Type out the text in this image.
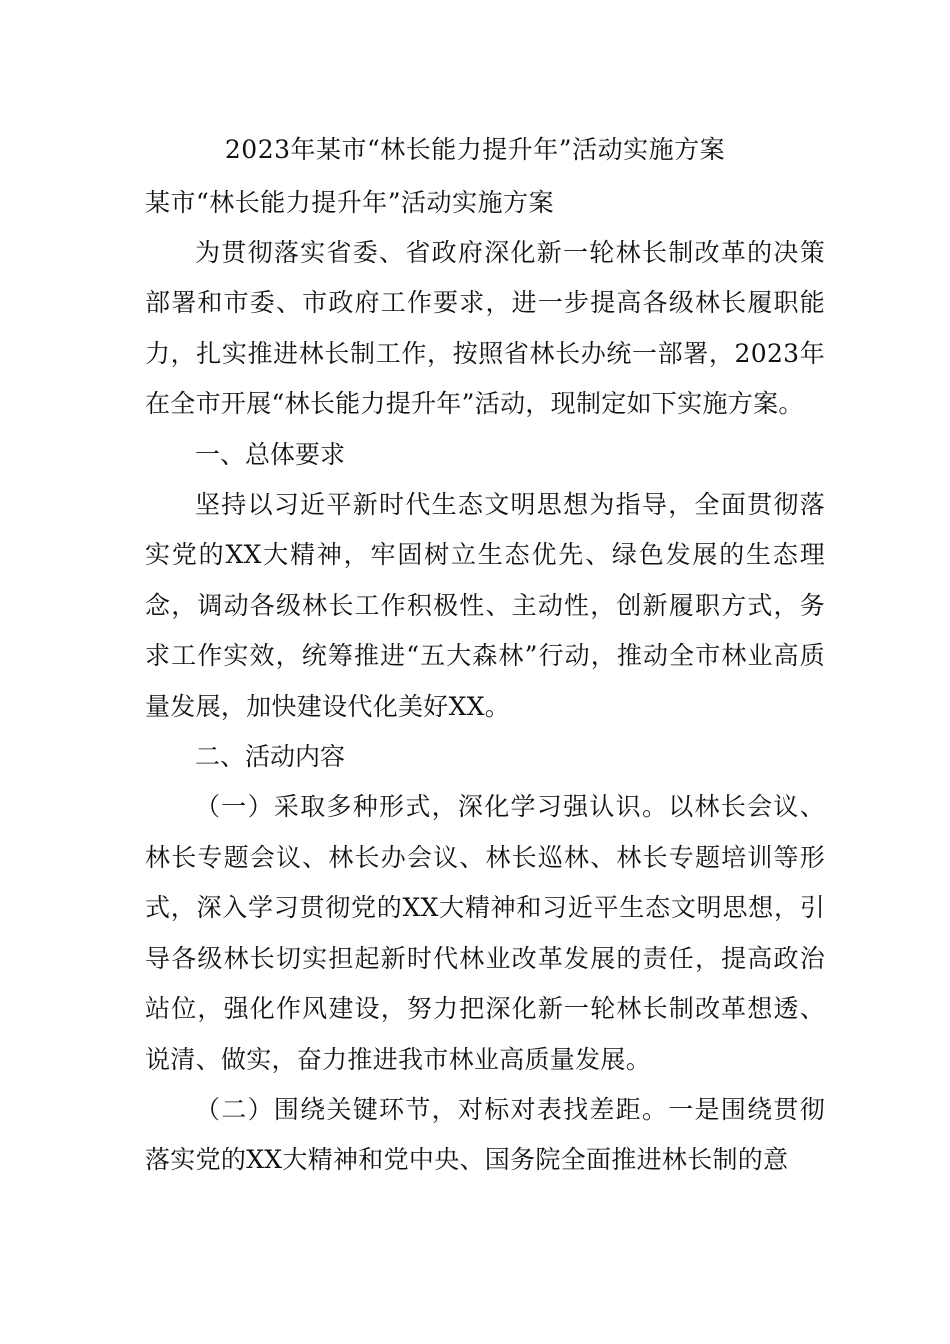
2023年某市“林长能力提升年”活动实施方案
某市“林长能力提升年”活动实施方案

为贯彻落实省委、省政府深化新一轮林长制改革的决策部署和市委、市政府工作要求，进一步提高各级林长履职能力，扎实推进林长制工作，按照省林长办统一部署，2023年在全市开展“林长能力提升年”活动，现制定如下实施方案。

一、总体要求

坚持以习近平新时代生态文明思想为指导，全面贯彻落实党的XX大精神，牢固树立生态优先、绿色发展的生态理念，调动各级林长工作积极性、主动性，创新履职方式，务求工作实效，统筹推进“五大森林”行动，推动全市林业高质量发展，加快建设代化美好XX。

二、活动内容

（一）采取多种形式，深化学习强认识。以林长会议、林长专题会议、林长办会议、林长巡林、林长专题培训等形式，深入学习贯彻党的XX大精神和习近平生态文明思想，引导各级林长切实担起新时代林业改革发展的责任，提高政治站位，强化作风建设，努力把深化新一轮林长制改革想透、说清、做实，奋力推进我市林业高质量发展。

（二）围绕关键环节，对标对表找差距。一是围绕贯彻落实党的XX大精神和党中央、国务院全面推进林长制的意
